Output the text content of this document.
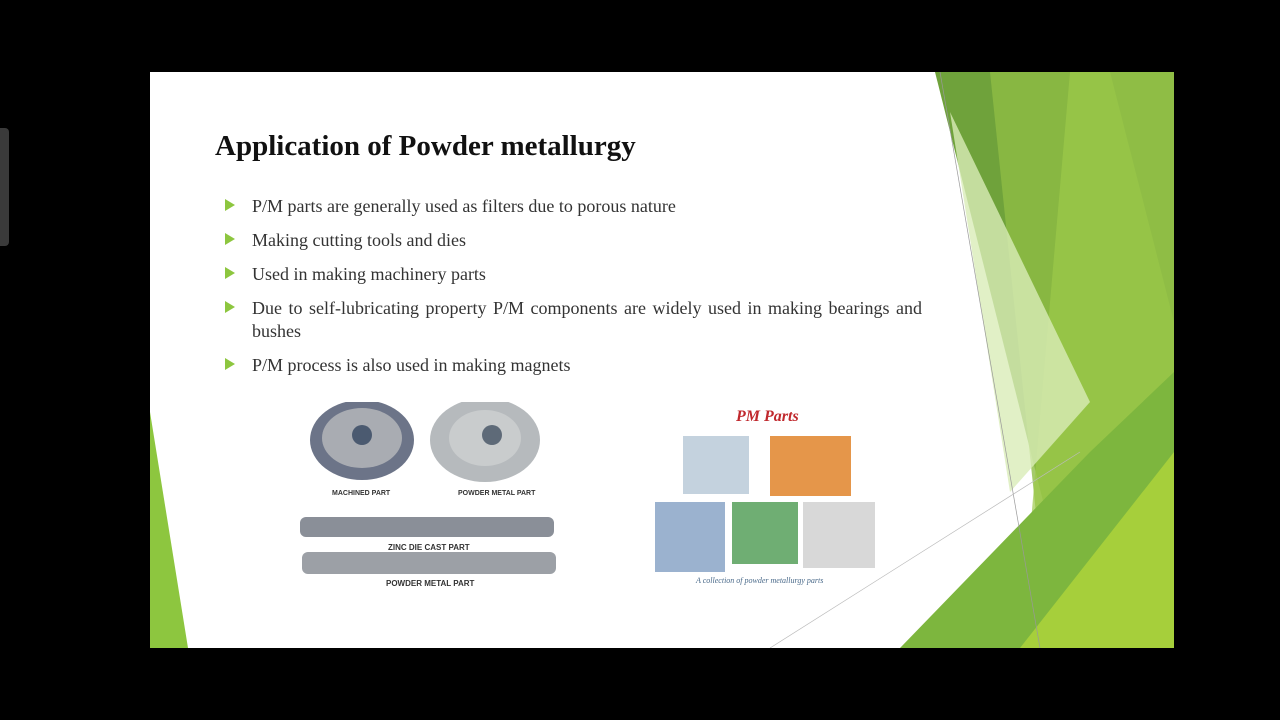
Application of Powder metallurgy
P/M parts are generally used as filters due to porous nature
Making cutting tools and dies
Used in making machinery parts
Due to self-lubricating property P/M components are widely used in making bearings and bushes
P/M process is also used in making magnets
MACHINED PART	POWDER METAL PART
ZINC DIE CAST PART
POWDER METAL PART
PM Parts
A collection of powder metallurgy parts
